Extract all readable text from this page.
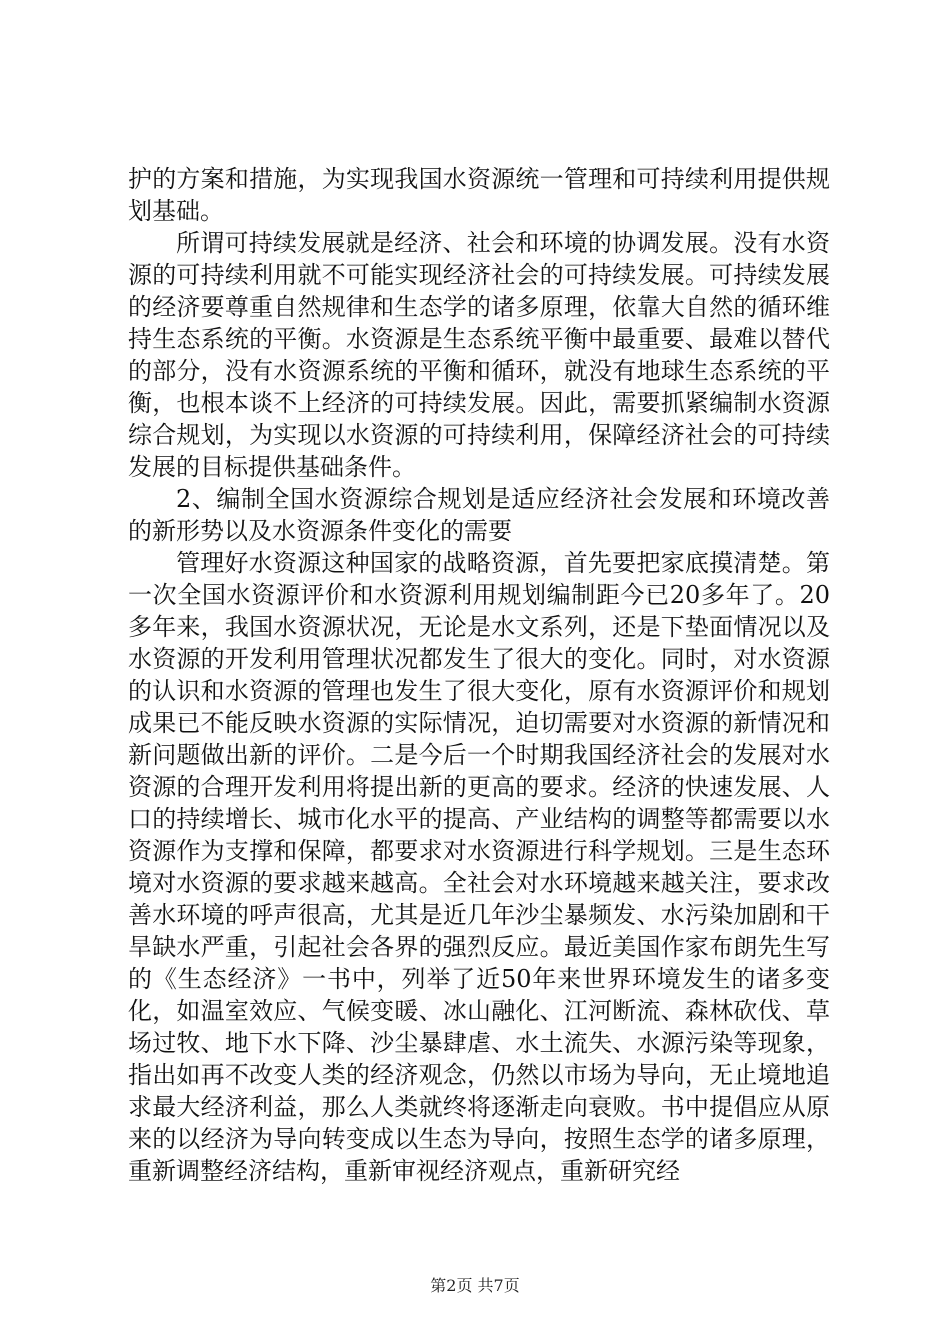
护的方案和措施，为实现我国水资源统一管理和可持续利用提供规划基础。

所谓可持续发展就是经济、社会和环境的协调发展。没有水资源的可持续利用就不可能实现经济社会的可持续发展。可持续发展的经济要尊重自然规律和生态学的诸多原理，依靠大自然的循环维持生态系统的平衡。水资源是生态系统平衡中最重要、最难以替代的部分，没有水资源系统的平衡和循环，就没有地球生态系统的平衡，也根本谈不上经济的可持续发展。因此，需要抓紧编制水资源综合规划，为实现以水资源的可持续利用，保障经济社会的可持续发展的目标提供基础条件。

2、编制全国水资源综合规划是适应经济社会发展和环境改善的新形势以及水资源条件变化的需要

管理好水资源这种国家的战略资源，首先要把家底摸清楚。第一次全国水资源评价和水资源利用规划编制距今已20多年了。20多年来，我国水资源状况，无论是水文系列，还是下垫面情况以及水资源的开发利用管理状况都发生了很大的变化。同时，对水资源的认识和水资源的管理也发生了很大变化，原有水资源评价和规划成果已不能反映水资源的实际情况，迫切需要对水资源的新情况和新问题做出新的评价。二是今后一个时期我国经济社会的发展对水资源的合理开发利用将提出新的更高的要求。经济的快速发展、人口的持续增长、城市化水平的提高、产业结构的调整等都需要以水资源作为支撑和保障，都要求对水资源进行科学规划。三是生态环境对水资源的要求越来越高。全社会对水环境越来越关注，要求改善水环境的呼声很高，尤其是近几年沙尘暴频发、水污染加剧和干旱缺水严重，引起社会各界的强烈反应。最近美国作家布朗先生写的《生态经济》一书中，列举了近50年来世界环境发生的诸多变化，如温室效应、气候变暖、冰山融化、江河断流、森林砍伐、草场过牧、地下水下降、沙尘暴肆虐、水土流失、水源污染等现象，指出如再不改变人类的经济观念，仍然以市场为导向，无止境地追求最大经济利益，那么人类就终将逐渐走向衰败。书中提倡应从原来的以经济为导向转变成以生态为导向，按照生态学的诸多原理，重新调整经济结构，重新审视经济观点，重新研究经

第2页 共7页
